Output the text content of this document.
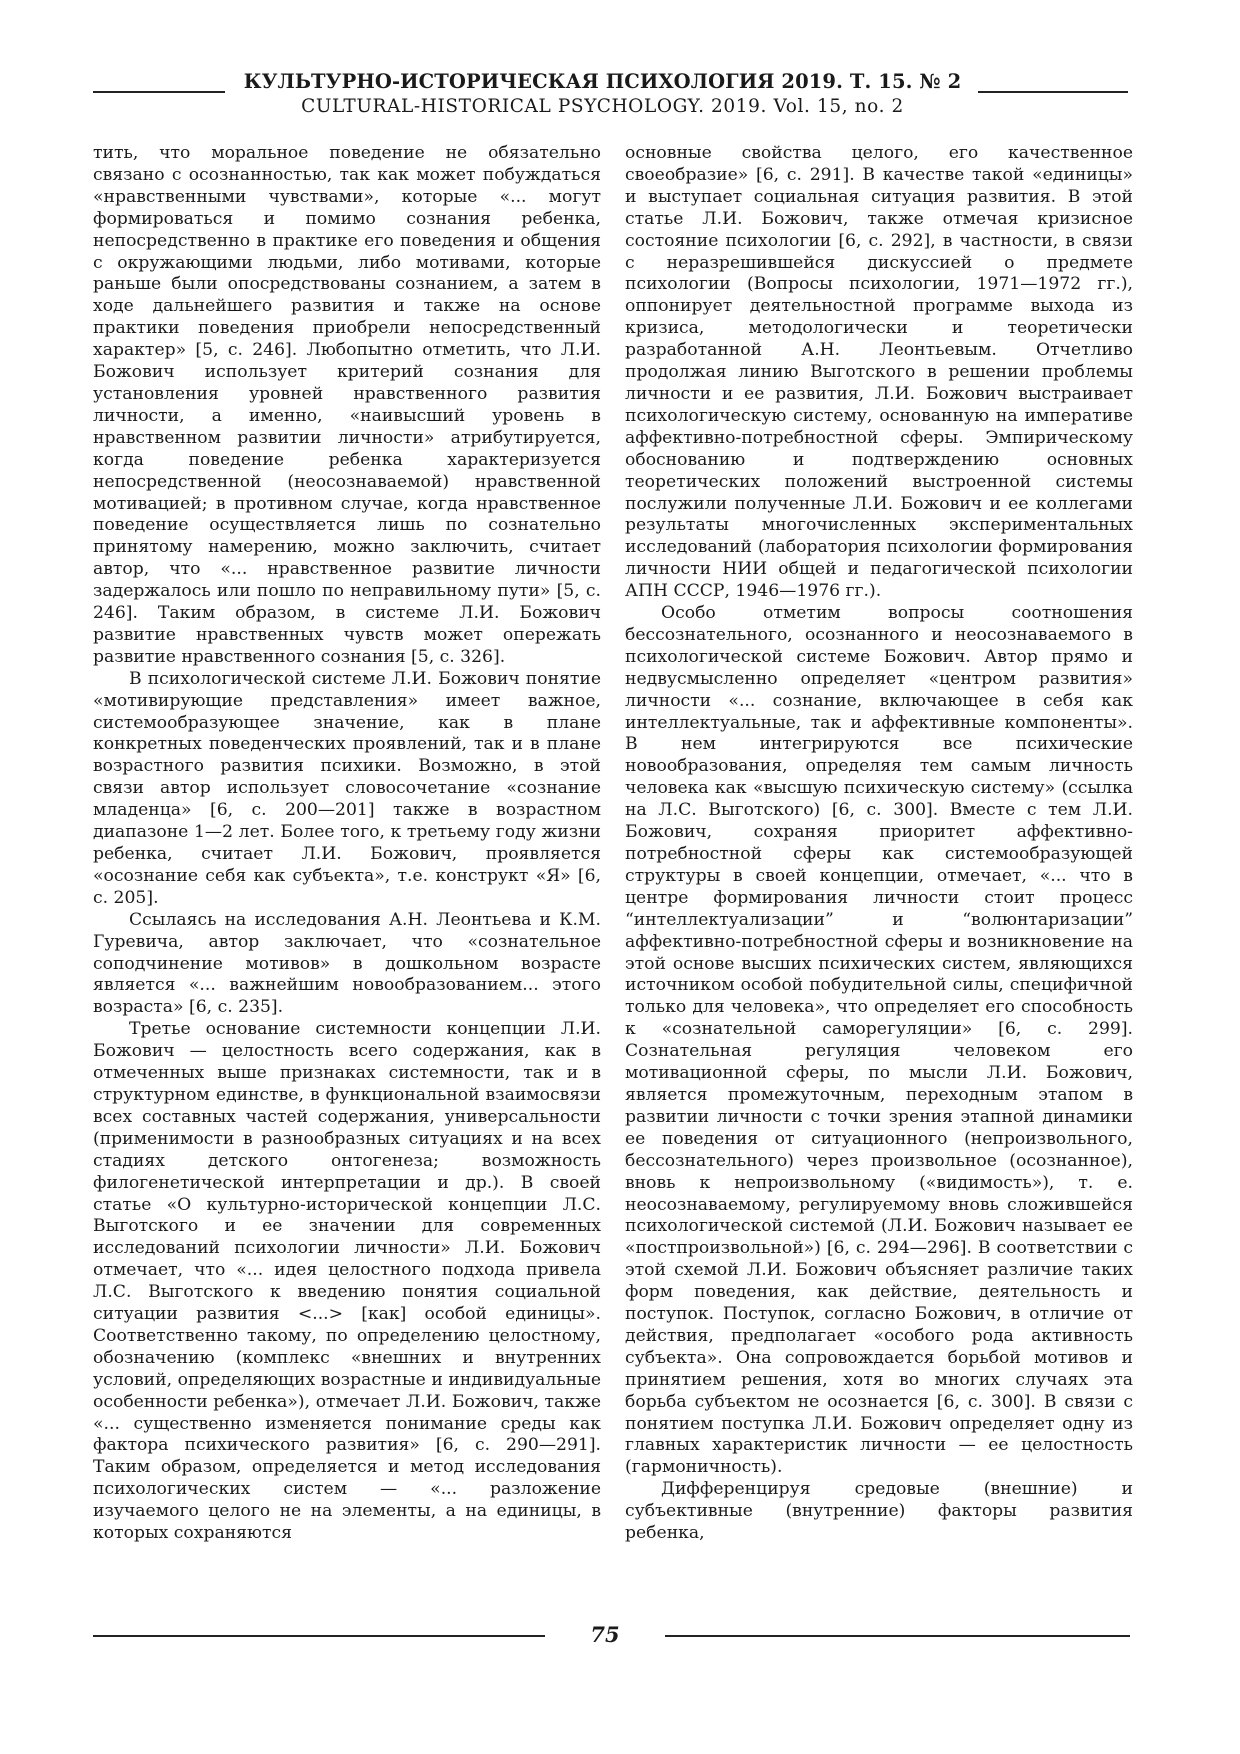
КУЛЬТУРНО-ИСТОРИЧЕСКАЯ ПСИХОЛОГИЯ 2019. Т. 15. № 2
CULTURAL-HISTORICAL PSYCHOLOGY. 2019. Vol. 15, no. 2

тить, что моральное поведение не обязательно связано с осознанностью, так как может побуждаться «нравственными чувствами», которые «... могут формироваться и помимо сознания ребенка, непосредственно в практике его поведения и общения с окружающими людьми, либо мотивами, которые раньше были опосредствованы сознанием, а затем в ходе дальнейшего развития и также на основе практики поведения приобрели непосредственный характер» [5, с. 246]. Любопытно отметить, что Л.И. Божович использует критерий сознания для установления уровней нравственного развития личности, а именно, «наивысший уровень в нравственном развитии личности» атрибутируется, когда поведение ребенка характеризуется непосредственной (неосознаваемой) нравственной мотивацией; в противном случае, когда нравственное поведение осуществляется лишь по сознательно принятому намерению, можно заключить, считает автор, что «... нравственное развитие личности задержалось или пошло по неправильному пути» [5, с. 246]. Таким образом, в системе Л.И. Божович развитие нравственных чувств может опережать развитие нравственного сознания [5, с. 326].

В психологической системе Л.И. Божович понятие «мотивирующие представления» имеет важное, системообразующее значение, как в плане конкретных поведенческих проявлений, так и в плане возрастного развития психики. Возможно, в этой связи автор использует словосочетание «сознание младенца» [6, с. 200—201] также в возрастном диапазоне 1—2 лет. Более того, к третьему году жизни ребенка, считает Л.И. Божович, проявляется «осознание себя как субъекта», т.е. конструкт «Я» [6, с. 205].

Ссылаясь на исследования А.Н. Леонтьева и К.М. Гуревича, автор заключает, что «сознательное соподчинение мотивов» в дошкольном возрасте является «... важнейшим новообразованием... этого возраста» [6, с. 235].

Третье основание системности концепции Л.И. Божович — целостность всего содержания, как в отмеченных выше признаках системности, так и в структурном единстве, в функциональной взаимосвязи всех составных частей содержания, универсальности (применимости в разнообразных ситуациях и на всех стадиях детского онтогенеза; возможность филогенетической интерпретации и др.). В своей статье «О культурно-исторической концепции Л.С. Выготского и ее значении для современных исследований психологии личности» Л.И. Божович отмечает, что «... идея целостного подхода привела Л.С. Выготского к введению понятия социальной ситуации развития <...> [как] особой единицы». Соответственно такому, по определению целостному, обозначению (комплекс «внешних и внутренних условий, определяющих возрастные и индивидуальные особенности ребенка»), отмечает Л.И. Божович, также «... существенно изменяется понимание среды как фактора психического развития» [6, с. 290—291]. Таким образом, определяется и метод исследования психологических систем — «... разложение изучаемого целого не на элементы, а на единицы, в которых сохраняются

основные свойства целого, его качественное своеобразие» [6, с. 291]. В качестве такой «единицы» и выступает социальная ситуация развития. В этой статье Л.И. Божович, также отмечая кризисное состояние психологии [6, с. 292], в частности, в связи с неразрешившейся дискуссией о предмете психологии (Вопросы психологии, 1971—1972 гг.), оппонирует деятельностной программе выхода из кризиса, методологически и теоретически разработанной А.Н. Леонтьевым. Отчетливо продолжая линию Выготского в решении проблемы личности и ее развития, Л.И. Божович выстраивает психологическую систему, основанную на императиве аффективно-потребностной сферы. Эмпирическому обоснованию и подтверждению основных теоретических положений выстроенной системы послужили полученные Л.И. Божович и ее коллегами результаты многочисленных экспериментальных исследований (лаборатория психологии формирования личности НИИ общей и педагогической психологии АПН СССР, 1946—1976 гг.).

Особо отметим вопросы соотношения бессознательного, осознанного и неосознаваемого в психологической системе Божович. Автор прямо и недвусмысленно определяет «центром развития» личности «... сознание, включающее в себя как интеллектуальные, так и аффективные компоненты». В нем интегрируются все психические новообразования, определяя тем самым личность человека как «высшую психическую систему» (ссылка на Л.С. Выготского) [6, с. 300]. Вместе с тем Л.И. Божович, сохраняя приоритет аффективно-потребностной сферы как системообразующей структуры в своей концепции, отмечает, «... что в центре формирования личности стоит процесс “интеллектуализации” и “волюнтаризации” аффективно-потребностной сферы и возникновение на этой основе высших психических систем, являющихся источником особой побудительной силы, специфичной только для человека», что определяет его способность к «сознательной саморегуляции» [6, с. 299]. Сознательная регуляция человеком его мотивационной сферы, по мысли Л.И. Божович, является промежуточным, переходным этапом в развитии личности с точки зрения этапной динамики ее поведения от ситуационного (непроизвольного, бессознательного) через произвольное (осознанное), вновь к непроизвольному («видимость»), т. е. неосознаваемому, регулируемому вновь сложившейся психологической системой (Л.И. Божович называет ее «постпроизвольной») [6, с. 294—296]. В соответствии с этой схемой Л.И. Божович объясняет различие таких форм поведения, как действие, деятельность и поступок. Поступок, согласно Божович, в отличие от действия, предполагает «особого рода активность субъекта». Она сопровождается борьбой мотивов и принятием решения, хотя во многих случаях эта борьба субъектом не осознается [6, с. 300]. В связи с понятием поступка Л.И. Божович определяет одну из главных характеристик личности — ее целостность (гармоничность).

Дифференцируя средовые (внешние) и субъективные (внутренние) факторы развития ребенка,

75
